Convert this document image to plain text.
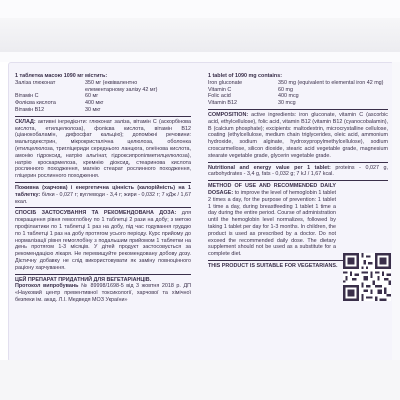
1 таблетка масою 1090 мг містить:
Заліза глюконат	350 мг (еквівалентно
елементарному залізу 42 мг)
Вітамін С	60 мг
Фолієва кислота	400 мкг
Вітамін В12	30 мкг
СКЛАД: активні інгредієнти: глюконат заліза, вітамін С (аскорбінова кислота, етилцелюлоза), фолієва кислота, вітамін В12 (ціанокобаламін, дифосфат кальцію); допоміжні речовини: мальтодекстрин, мікрокристалічна целюлоза, оболонка (етилцелюлоза, тригліцериди середнього ланцюга, олеїнова кислота, амонію гідроксид, натрію альгінат, гідроксипропілметилцелюлоза), натрію кроскармелоза, кремнію діоксид, стеаринова кислота рослинного походження, магнію стеарат рослинного походження, гліцерин рослинного походження.
Поживна (харчова) і енергетична цінність (калорійність) на 1 таблетку: білки - 0,027 г; вуглеводи - 3,4 г; жири - 0,032 г; 7 кДж / 1,67 ккал.
СПОСІБ ЗАСТОСУВАННЯ ТА РЕКОМЕНДОВАНА ДОЗА: для покращення рівня гемоглобіну по 1 таблетці 2 рази на добу; з метою профілактики по 1 таблетці 1 раз на добу, під час годування груддю по 1 таблетці 1 раз на добу протягом усього періоду. Курс прийому до нормалізації рівня гемоглобіну з подальшим прийомом 1 таблетки на день протягом 1-3 місяців. У дітей продукт застосовується за рекомендацією лікаря. Не перевищуйте рекомендовану добову дозу. Дієтичну добавку не слід використовувати як заміну повноцінного раціону харчування.
ЦЕЙ ПРЕПАРАТ ПРИДАТНИЙ ДЛЯ ВЕГЕТАРІАНЦІВ.
Протокол випробувань № 89998/1698-5 від 3 жовтня 2018 р. ДП «Науковий центр превентивної токсикології, харчової та хімічної безпеки ім. акад. Л.І. Медведя МОЗ України»
1 tablet of 1090 mg contains:
Iron gluconate	350 mg (equivalent to elemental iron 42 mg)
Vitamin C	60 mg
Folic acid	400 mcg
Vitamin B12	30 mcg
COMPOSITION: active ingredients: iron gluconate, vitamin C (ascorbic acid, ethylcellulose), folic acid, vitamin B12 (vitamin B12 (cyanocobalamin), B (calcium phosphate); excipients: maltodextrin, microcrystalline cellulose, coating (ethylcellulose, medium chain triglycerides, oleic acid, ammonium hydroxide, sodium alginate, hydroxypropylmethylcellulose), sodium croscarmellose, silicon dioxide, stearic acid vegetable grade, magnesium stearate vegetable grade, glycerin vegetable grade.
Nutritional and energy value per 1 tablet: proteins - 0,027 g, carbohydrates - 3,4 g, fats - 0,032 g; 7 kJ / 1,67 kcal.
METHOD OF USE AND RECOMMENDED DAILY DOSAGE: to improve the level of hemoglobin 1 tablet 2 times a day, for the purpose of prevention: 1 tablet 1 time a day, during breastfeeding 1 tablet 1 time a day during the entire period. Course of administration until the hemoglobin level normalizes, followed by taking 1 tablet per day for 1-3 months. In children, the product is used as prescribed by a doctor. Do not exceed the recommended daily dose. The dietary supplement should not be used as a substitute for a complete diet.
THIS PRODUCT IS SUITABLE FOR VEGETARIANS.
